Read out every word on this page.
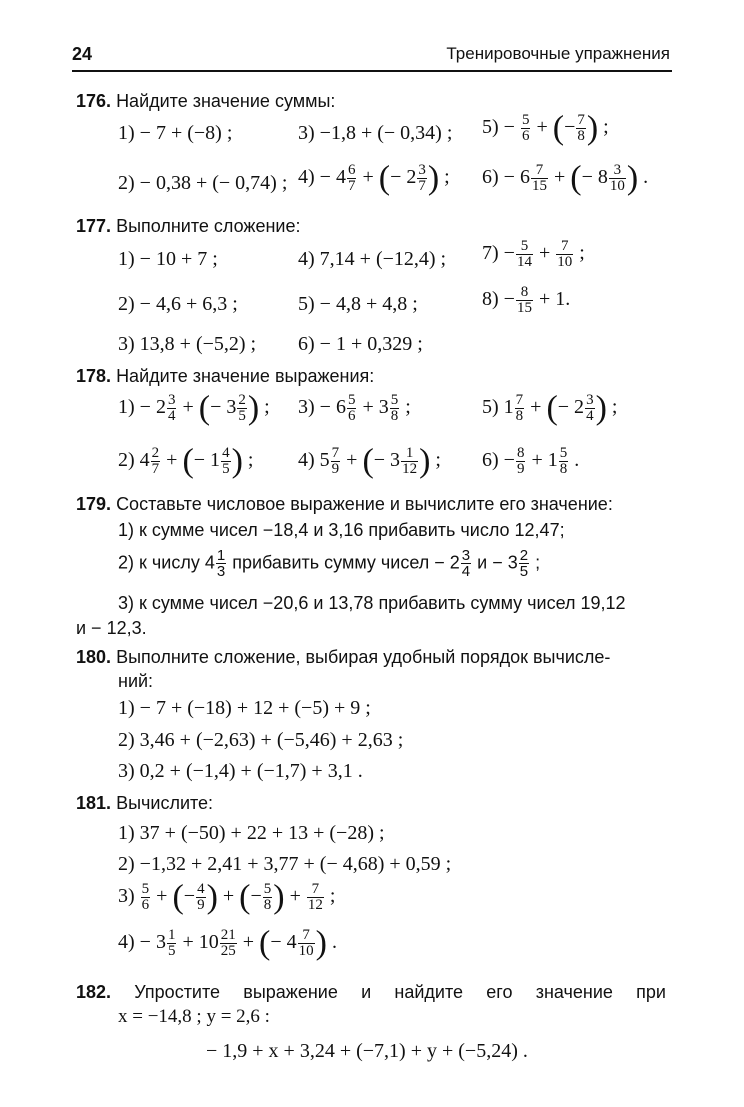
24	Тренировочные упражнения
176. Найдите значение суммы:
1) − 7 + (−8) ;	3) −1,8 + (− 0,34) ; $5) - \frac{5}{6}$ + (− $\frac{7}{8}$ ) ;
2) − 0,38 + (− 0,74) ; $4) - 4 \frac{6}{7}$ + (− $2 \frac{3}{7}$ ) ; $6) - 6 \frac{7}{15}$ + (− $8 \frac{3}{10}$ ) .
177. Выполните сложение:
1) − 10 + 7 ;	4) 7,14 + (−12,4) ; $7) - \frac{5}{14} + \frac{7}{10}$ ;
2) − 4,6 + 6,3 ;	5) − 4,8 + 4,8 ;	$8) - \frac{8}{15} + 1$.
3) 13,8 + (−5,2) ; 6) − 1 + 0,329 ;
178. Найдите значение выражения:
$1) - 2 \frac{3}{4}$ + (− $3 \frac{2}{5}$ ) ; $3) - 6 \frac{5}{6} + 3 \frac{5}{8}$ ;	5) $1 \frac{7}{8}$ + (− $2 \frac{3}{4}$ ) ;
2) $4 \frac{2}{7}$ + (− $1 \frac{4}{5}$ ) ; 4) $5 \frac{7}{9}$ + (− $3 \frac{1}{12}$ ) ; $6) - \frac{8}{9} + 1 \frac{5}{8}$ .
179. Составьте числовое выражение и вычислите его значение:
1) к сумме чисел −18,4 и 3,16 прибавить число 12,47;
2) к числу $4 \frac{1}{3}$ прибавить сумму чисел − $2 \frac{3}{4}$ $и - 3 \frac{2}{5}$ ;
3) к сумме чисел −20,6 и 13,78 прибавить сумму чисел 19,12
и − 12,3.
180. Выполните сложение, выбирая удобный порядок вычисле-
ний:
1) − 7 + (−18) + 12 + (−5) + 9 ;
2) 3,46 + (−2,63) + (−5,46) + 2,63 ;
3) 0,2 + (−1,4) + (−1,7) + 3,1 .
181. Вычислите:
1) 37 + (−50) + 22 + 13 + (−28) ;
2) −1,32 + 2,41 + 3,77 + (− 4,68) + 0,59 ;
$3) \frac{5}{6}$ + (− $\frac{4}{9}$ ) + (− $\frac{5}{8}$ ) + $\frac{7}{12}$ ;
$4) - 3 \frac{1}{5} + 10 \frac{21}{25}$ + (− $4 \frac{7}{10}$ ) .
182. Упростите выражение и найдите его значение при
x = −14,8 ; y = 2,6 :
− 1,9 + x + 3,24 + (−7,1) + y + (−5,24) .
